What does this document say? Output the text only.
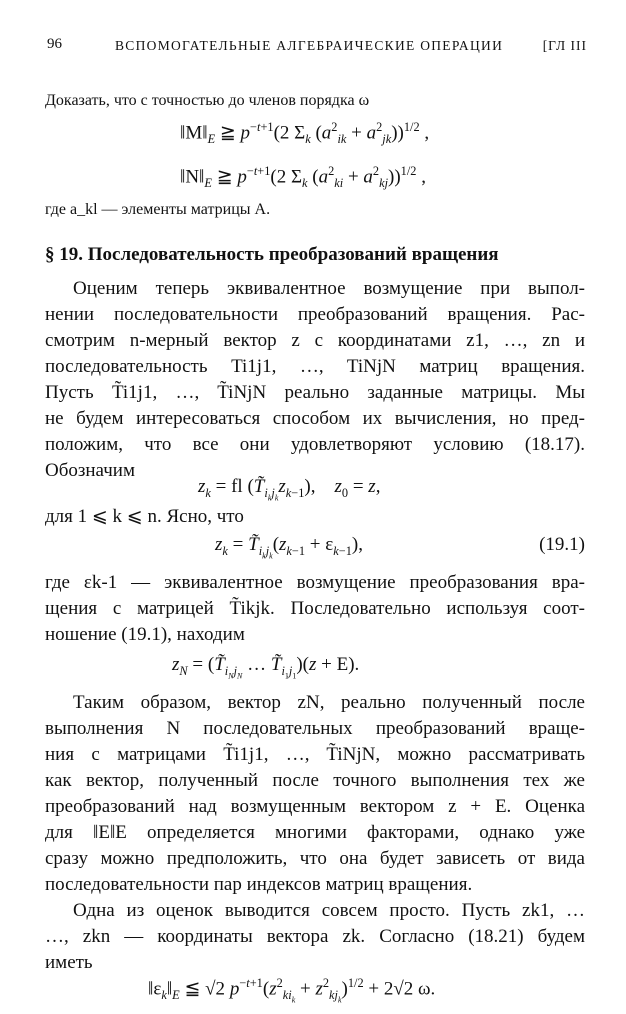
96	ВСПОМОГАТЕЛЬНЫЕ АЛГЕБРАИЧЕСКИЕ ОПЕРАЦИИ	[ГЛ III
Доказать, что с точностью до членов порядка ω
$‖M‖_E$ ≧ $p^{-t+1}(2$ $\Sigma_k$ $(a^2_{ik} + a^2_{jk}))^{1/2}$ ,
$‖N‖_E$ ≧ $p^{-t+1}(2$ $\Sigma_k$ $(a^2_{ki} + a^2_{kj}))^{1/2}$ ,
где a_kl — элементы матрицы A.
§ 19. Последовательность преобразований вращения
Оценим теперь эквивалентное возмущение при выпол-
нении последовательности преобразований вращения. Рас-
смотрим n-мерный вектор z с координатами z1, …, zn и
последовательность Ti1j1, …, TiNjN матриц вращения.
Пусть T̃i1j1, …, T̃iNjN реально заданные матрицы. Мы
не будем интересоваться способом их вычисления, но пред-
положим, что все они удовлетворяют условию (18.17).
Обозначим
$z_k$ = fl $(T̃_{i_kj_k}z_{k-1})$,    $z_0 = z$,
для 1 ⩽ k ⩽ n. Ясно, что
$z_k$ = $T̃_{i_kj_k}(z_{k-1} + \varepsilon_{k-1})$,	(19.1)
где εk-1 — эквивалентное возмущение преобразования вра-
щения с матрицей T̃ikjk. Последовательно используя соот-
ношение (19.1), находим
$z_N$ = ($T̃_{i_Nj_N}$ … $T̃_{i_1j_1})(z + E)$.
Таким образом, вектор zN, реально полученный после
выполнения N последовательных преобразований враще-
ния с матрицами T̃i1j1, …, T̃iNjN, можно рассматривать
как вектор, полученный после точного выполнения тех же
преобразований над возмущенным вектором z + E. Оценка
для ‖E‖E определяется многими факторами, однако уже
сразу можно предположить, что она будет зависеть от вида
последовательности пар индексов матриц вращения.
Одна из оценок выводится совсем просто. Пусть zk1, …
…, zkn — координаты вектора zk. Согласно (18.21) будем
иметь
$‖\varepsilon_k‖_E$ ≦ √2 $p^{-t+1}(z^2_{ki_k} + z^2_{kj_k})^{1/2} + 2√2$ ω.
